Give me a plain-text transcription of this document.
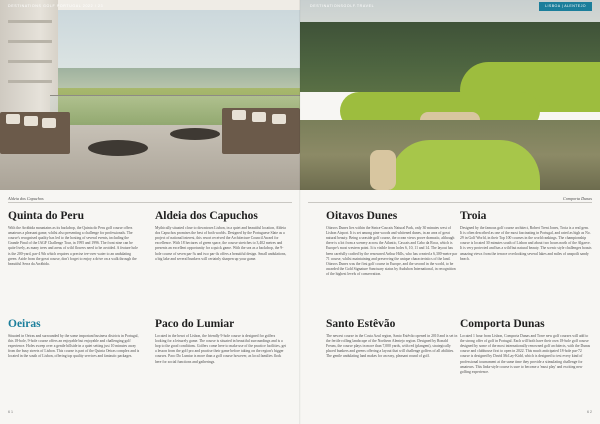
DESTINATIONS GOLF PORTUGAL 2022 / 23
Aldeia dos Capuchos
Quinta do Peru

With the Arrábida mountains as its backdrop, the Quinta do Peru golf course offers amateurs a pleasant game, whilst also presenting a challenge for professionals. The course's recognised quality has led to the hosting of several events, including the Grande Final of the IAGF Challenge Tour, in 1995 and 1996. The front nine can be quite lively, as many trees and areas of wild flowers need to be avoided. A feature hole is the 200-yard, par-4 9th which requires a precise tee-over water to an undulating green. Aside from the great course, don't forget to enjoy a drive on a walk through the beautiful Serra da Arrábida.

Aldeia dos Capuchos

Mythically situated close to downtown Lisbon, in a quiet and beautiful location, Aldeia dos Capuchos promises the best of both worlds. Designed by the Portuguese Slate as a project of national interest, this resort received the Architecture Council Award for excellence. With 18 hectares of green space, the course stretches to 3,402 metres and presents an excellent opportunity for a quick game. With the sea as a backdrop, the 9-hole course of seven par-3s and two par-4s offers a beautiful design. Small undulations, a big lake and several bunkers will certainly sharpen up your game.

Oeiras

Situated in Oeiras and surrounded by the some important business districts in Portugal, this 18-hole, 9-hole course offers an enjoyable but enjoyable and challenging golf experience. Holes sweep over a gentle hillside in a quiet setting just 10 minutes away from the busy streets of Lisbon. This course is part of the Quinta Oeiras complex and is located in the south of Lisbon, offering top quality services and fantastic packages.

Paco do Lumiar

Located in the heart of Lisbon, the friendly 9-hole course is designed for golfers looking for a leisurely game. The course is situated in beautiful surroundings and is a hop to the good conditions. Golfers come here to make use of the practice facilities, get a lesson from the golf pro and practise their game before taking on the region's bigger courses. Paco Do Lumiar is more than a golf course however, as local families flock here for social functions and gatherings.

6 1
DESTINATIONSGOLF.TRAVEL	LISBOA | ALENTEJO
Comporta Dunas
Oitavos Dunes

Oitavos Dunes lies within the Sintra-Cascais Natural Park, only 30 minutes west of Lisbon Airport. It is set among pine woods and whitened dunes, in an area of great natural beauty. Being a seaside golf course, the ocean views prove dramatic, although there is a lot from a scenery across the Atlantic, Cascais and Cabo da Roca, which is Europe's most western point. It is visible from holes 6, 10, 11 and 14. The layout has been carefully crafted by the renowned Arthur Hills, who has created a 6,300-metre par 71 course, whilst maintaining and preserving the unique characteristics of the land. Oitavos Dunes was the first golf course in Europe, and the second in the world, to be awarded the Gold Signature Sanctuary status by Audubon International, in recognition of the highest levels of conservation.

Troia

Designed by the famous golf course architect, Robert Trent Jones, Troia is a real gem. It is often described as one of the most fascinating in Portugal, and rated as high as No. 29 in Golf World, in their Top 100 courses in the world rankings. The championship course is located 30 minutes south of Lisbon and about two hours north of the Algarve. It is very protected and has a wild but natural beauty. The scenic style challenges boasts amazing views from the terrace overlooking several lakes and miles of unspoilt sandy beach.

Santo Estêvão

The newest course in the Costa Azul region, Santo Estêvão opened in 2010 and is set in the fertile rolling landscape of the Northern Alentejo region. Designed by Ronald Fream, the course plays in more than 7,000 yards, with red (plangent), strategically placed bunkers and greens offering a layout that will challenge golfers of all abilities. The gentle undulating land makes for an easy, pleasant round of golf.

Comporta Dunas

Located 1 hour from Lisbon, Comporta Dunas and Torre new golf courses will add to the strong offer of golf in Portugal. Each will both have their own 18-hole golf course designed by some of the most internationally renowned golf architects, with the Dunas course and clubhouse first to open in 2022. This much anticipated 18-hole par-72 course is designed by David McLay-Kidd, which is designed to test every kind of professional tournament at the same time they provide a stimulating challenge for amateurs. This links-style course is sure to become a 'must play' and exciting new golfing experience.

6 2
